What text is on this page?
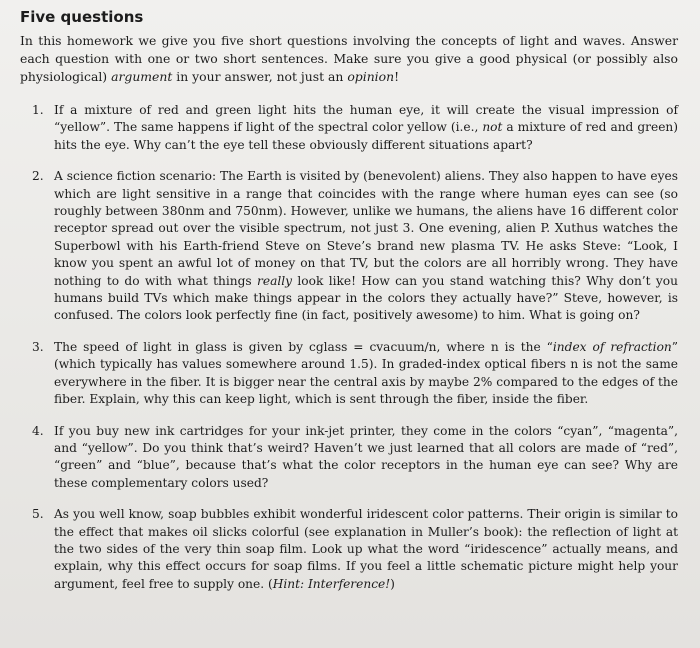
Five questions

In this homework we give you five short questions involving the concepts of light and waves. Answer each question with one or two short sentences. Make sure you give a good physical (or possibly also physiological) argument in your answer, not just an opinion!

1. If a mixture of red and green light hits the human eye, it will create the visual impression of “yellow”. The same happens if light of the spectral color yellow (i.e., not a mixture of red and green) hits the eye. Why can’t the eye tell these obviously different situations apart?
2. A science fiction scenario: The Earth is visited by (benevolent) aliens. They also happen to have eyes which are light sensitive in a range that coincides with the range where human eyes can see (so roughly between 380nm and 750nm). However, unlike we humans, the aliens have 16 different color receptor spread out over the visible spectrum, not just 3. One evening, alien P. Xuthus watches the Superbowl with his Earth-friend Steve on Steve’s brand new plasma TV. He asks Steve: “Look, I know you spent an awful lot of money on that TV, but the colors are all horribly wrong. They have nothing to do with what things really look like! How can you stand watching this? Why don’t you humans build TVs which make things appear in the colors they actually have?” Steve, however, is confused. The colors look perfectly fine (in fact, positively awesome) to him. What is going on?
3. The speed of light in glass is given by cglass = cvacuum/n, where n is the “index of refraction” (which typically has values somewhere around 1.5). In graded-index optical fibers n is not the same everywhere in the fiber. It is bigger near the central axis by maybe 2% compared to the edges of the fiber. Explain, why this can keep light, which is sent through the fiber, inside the fiber.
4. If you buy new ink cartridges for your ink-jet printer, they come in the colors “cyan”, “magenta”, and “yellow”. Do you think that’s weird? Haven’t we just learned that all colors are made of “red”, “green” and “blue”, because that’s what the color receptors in the human eye can see? Why are these complementary colors used?
5. As you well know, soap bubbles exhibit wonderful iridescent color patterns. Their origin is similar to the effect that makes oil slicks colorful (see explanation in Muller’s book): the reflection of light at the two sides of the very thin soap film. Look up what the word “iridescence” actually means, and explain, why this effect occurs for soap films. If you feel a little schematic picture might help your argument, feel free to supply one. (Hint: Interference!)
